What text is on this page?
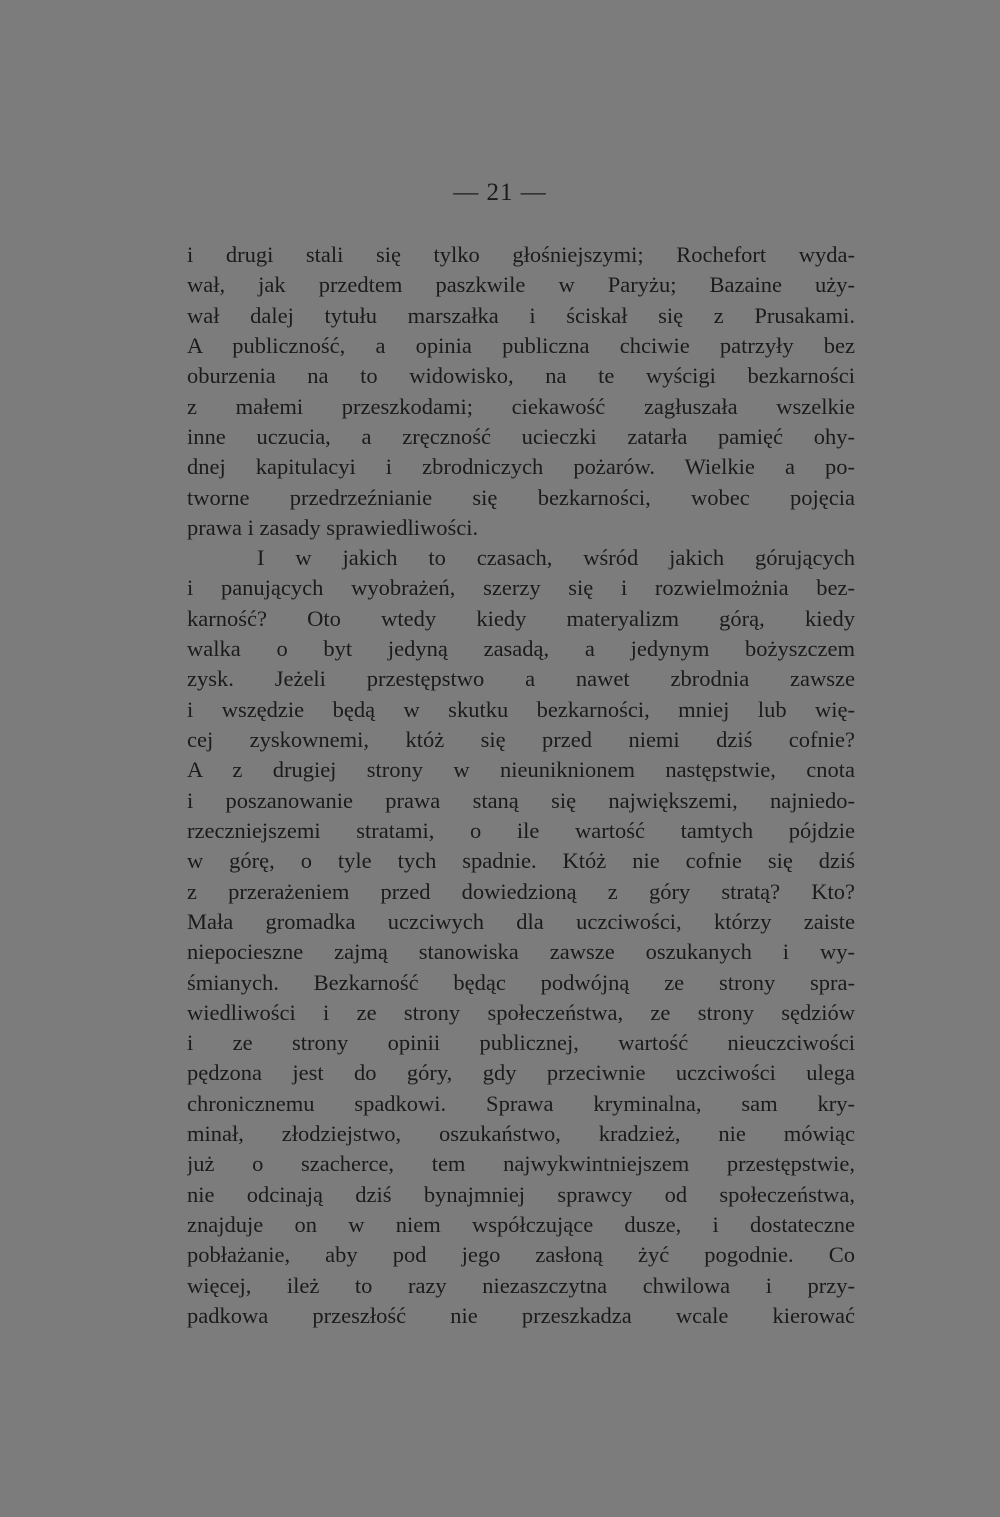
— 21 —
i drugi stali się tylko głośniejszymi; Rochefort wyda-
wał, jak przedtem paszkwile w Paryżu; Bazaine uży-
wał dalej tytułu marszałka i ściskał się z Prusakami.
A publiczność, a opinia publiczna chciwie patrzyły bez
oburzenia na to widowisko, na te wyścigi bezkarności
z małemi przeszkodami; ciekawość zagłuszała wszelkie
inne uczucia, a zręczność ucieczki zatarła pamięć ohy-
dnej kapitulacyi i zbrodniczych pożarów. Wielkie a po-
tworne przedrzeźnianie się bezkarności, wobec pojęcia
prawa i zasady sprawiedliwości.
I w jakich to czasach, wśród jakich górujących
i panujących wyobrażeń, szerzy się i rozwielmożnia bez-
karność? Oto wtedy kiedy materyalizm górą, kiedy
walka o byt jedyną zasadą, a jedynym bożyszczem
zysk. Jeżeli przestępstwo a nawet zbrodnia zawsze
i wszędzie będą w skutku bezkarności, mniej lub wię-
cej zyskownemi, któż się przed niemi dziś cofnie?
A z drugiej strony w nieuniknionem następstwie, cnota
i poszanowanie prawa staną się największemi, najniedo-
rzeczniejszemi stratami, o ile wartość tamtych pójdzie
w górę, o tyle tych spadnie. Któż nie cofnie się dziś
z przerażeniem przed dowiedzioną z góry stratą? Kto?
Mała gromadka uczciwych dla uczciwości, którzy zaiste
niepocieszne zajmą stanowiska zawsze oszukanych i wy-
śmianych. Bezkarność będąc podwójną ze strony spra-
wiedliwości i ze strony społeczeństwa, ze strony sędziów
i ze strony opinii publicznej, wartość nieuczciwości
pędzona jest do góry, gdy przeciwnie uczciwości ulega
chronicznemu spadkowi. Sprawa kryminalna, sam kry-
minał, złodziejstwo, oszukaństwo, kradzież, nie mówiąc
już o szacherce, tem najwykwintniejszem przestępstwie,
nie odcinają dziś bynajmniej sprawcy od społeczeństwa,
znajduje on w niem współczujące dusze, i dostateczne
pobłażanie, aby pod jego zasłoną żyć pogodnie. Co
więcej, ileż to razy niezaszczytna chwilowa i przy-
padkowa przeszłość nie przeszkadza wcale kierować
